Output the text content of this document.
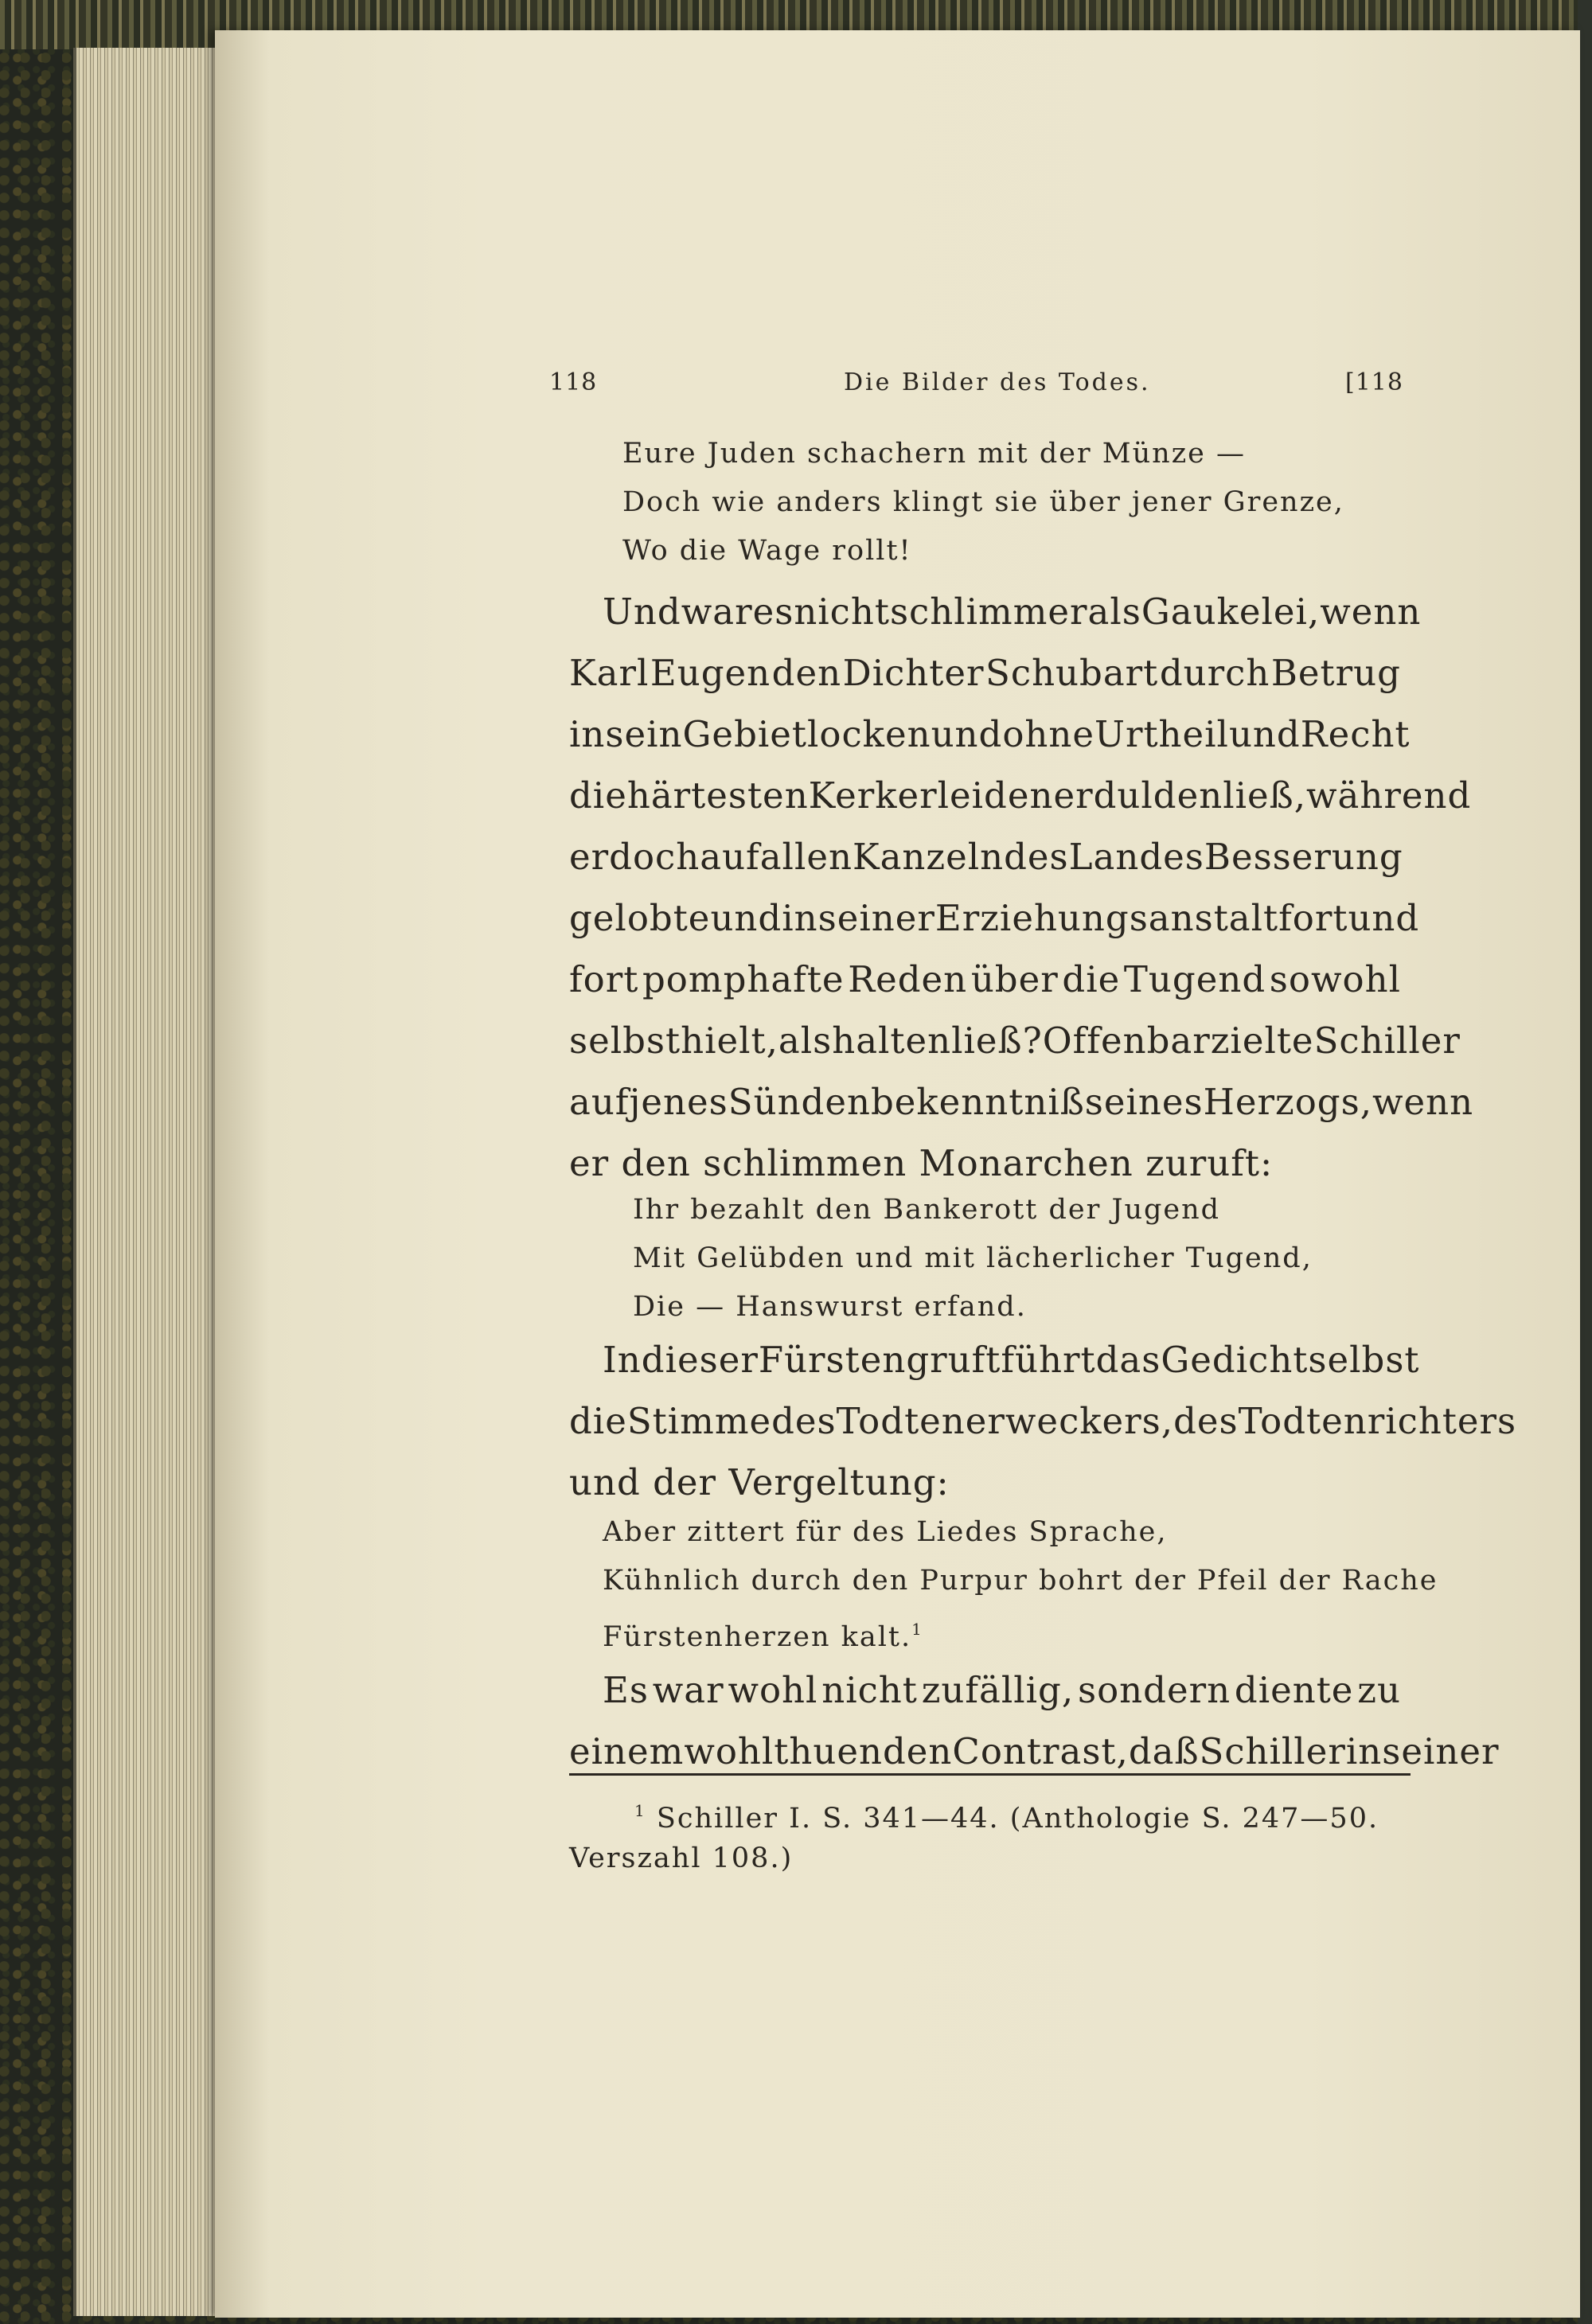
118	Die Bilder des Todes.	[118
Eure Juden schachern mit der Münze —
Doch wie anders klingt sie über jener Grenze,
Wo die Wage rollt!
Und war es nicht schlimmer als Gaukelei, wenn
Karl Eugen den Dichter Schubart durch Betrug
in sein Gebiet locken und ohne Urtheil und Recht
die härtesten Kerkerleiden erdulden ließ, während
er doch auf allen Kanzeln des Landes Besserung
gelobte und in seiner Erziehungsanstalt fort und
fort pomphafte Reden über die Tugend sowohl
selbst hielt, als halten ließ? Offenbar zielte Schiller
auf jenes Sündenbekenntniß seines Herzogs, wenn
er den schlimmen Monarchen zuruft:
Ihr bezahlt den Bankerott der Jugend
Mit Gelübden und mit lächerlicher Tugend,
Die — Hanswurst erfand.
In dieser Fürstengruft führt das Gedicht selbst
die Stimme des Todtenerweckers, des Todtenrichters
und der Vergeltung:
Aber zittert für des Liedes Sprache,
Kühnlich durch den Purpur bohrt der Pfeil der Rache
Fürstenherzen kalt.$^1$
Es war wohl nicht zufällig, sondern diente zu
einem wohlthuenden Contrast, daß Schiller in seiner
$^1$ Schiller I. S. 341—44. (Anthologie S. 247—50.
Verszahl 108.)
